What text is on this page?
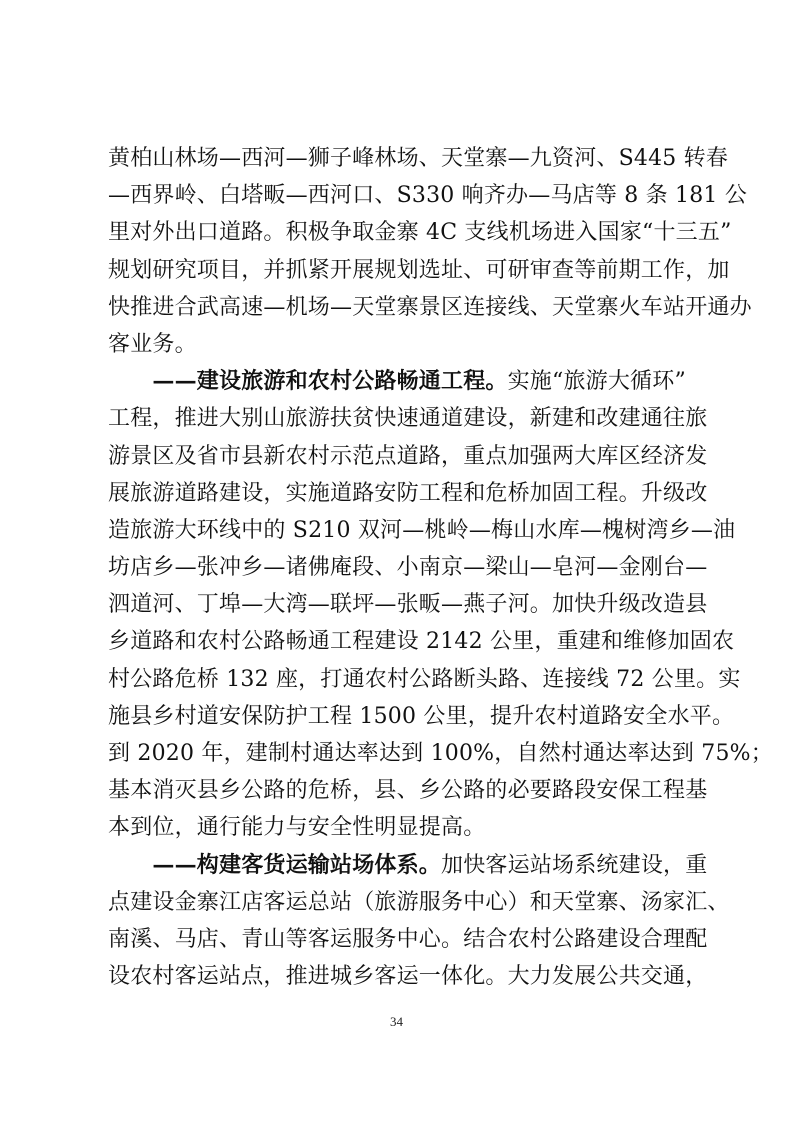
黄柏山林场—西河—狮子峰林场、天堂寨—九资河、S445 转春
—西界岭、白塔畈—西河口、S330 响齐办—马店等 8 条 181 公
里对外出口道路。积极争取金寨 4C 支线机场进入国家“十三五”
规划研究项目，并抓紧开展规划选址、可研审查等前期工作，加
快推进合武高速—机场—天堂寨景区连接线、天堂寨火车站开通办
客业务。
　　——建设旅游和农村公路畅通工程。实施“旅游大循环”
工程，推进大别山旅游扶贫快速通道建设，新建和改建通往旅
游景区及省市县新农村示范点道路，重点加强两大库区经济发
展旅游道路建设，实施道路安防工程和危桥加固工程。升级改
造旅游大环线中的 S210 双河—桃岭—梅山水库—槐树湾乡—油
坊店乡—张冲乡—诸佛庵段、小南京—梁山—皂河—金刚台—
泗道河、丁埠—大湾—联坪—张畈—燕子河。加快升级改造县
乡道路和农村公路畅通工程建设 2142 公里，重建和维修加固农
村公路危桥 132 座，打通农村公路断头路、连接线 72 公里。实
施县乡村道安保防护工程 1500 公里，提升农村道路安全水平。
到 2020 年，建制村通达率达到 100%，自然村通达率达到 75%；
基本消灭县乡公路的危桥，县、乡公路的必要路段安保工程基
本到位，通行能力与安全性明显提高。
　　——构建客货运输站场体系。加快客运站场系统建设，重
点建设金寨江店客运总站（旅游服务中心）和天堂寨、汤家汇、
南溪、马店、青山等客运服务中心。结合农村公路建设合理配
设农村客运站点，推进城乡客运一体化。大力发展公共交通，
34
